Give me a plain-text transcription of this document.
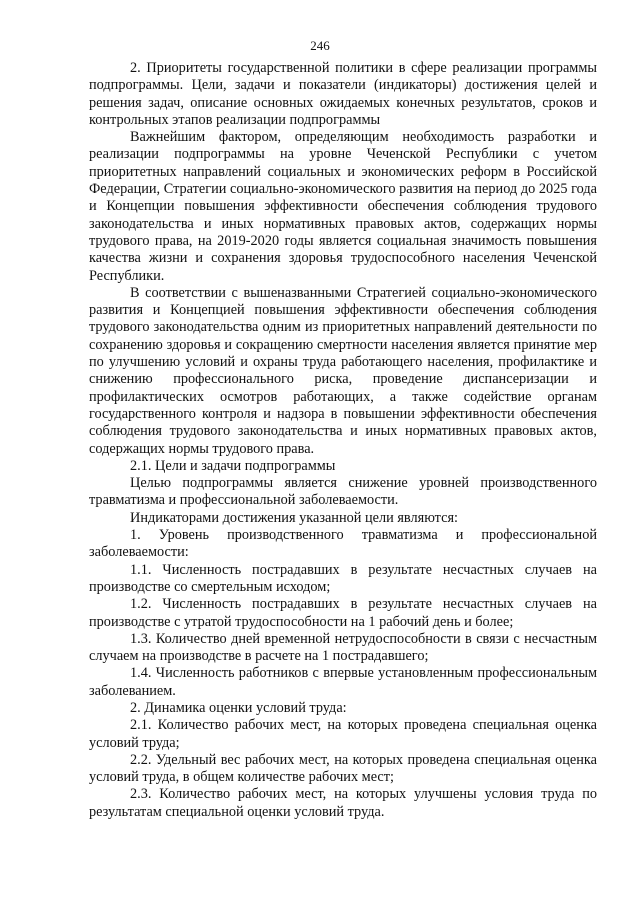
246

2. Приоритеты государственной политики в сфере реализации программы подпрограммы. Цели, задачи и показатели (индикаторы) достижения целей и решения задач, описание основных ожидаемых конечных результатов, сроков и контрольных этапов реализации подпрограммы

Важнейшим фактором, определяющим необходимость разработки и реализации подпрограммы на уровне Чеченской Республики с учетом приоритетных направлений социальных и экономических реформ в Российской Федерации, Стратегии социально-экономического развития на период до 2025 года и Концепции повышения эффективности обеспечения соблюдения трудового законодательства и иных нормативных правовых актов, содержащих нормы трудового права, на 2019-2020 годы является социальная значимость повышения качества жизни и сохранения здоровья трудоспособного населения Чеченской Республики.

В соответствии с вышеназванными Стратегией социально-экономического развития и Концепцией повышения эффективности обеспечения соблюдения трудового законодательства одним из приоритетных направлений деятельности по сохранению здоровья и сокращению смертности населения является принятие мер по улучшению условий и охраны труда работающего населения, профилактике и снижению профессионального риска, проведение диспансеризации и профилактических осмотров работающих, а также содействие органам государственного контроля и надзора в повышении эффективности обеспечения соблюдения трудового законодательства и иных нормативных правовых актов, содержащих нормы трудового права.

2.1. Цели и задачи подпрограммы

Целью подпрограммы является снижение уровней производственного травматизма и профессиональной заболеваемости.

Индикаторами достижения указанной цели являются:

1. Уровень производственного травматизма и профессиональной заболеваемости:

1.1. Численность пострадавших в результате несчастных случаев на производстве со смертельным исходом;

1.2. Численность пострадавших в результате несчастных случаев на производстве с утратой трудоспособности на 1 рабочий день и более;

1.3. Количество дней временной нетрудоспособности в связи с несчастным случаем на производстве в расчете на 1 пострадавшего;

1.4. Численность работников с впервые установленным профессиональным заболеванием.

2. Динамика оценки условий труда:

2.1. Количество рабочих мест, на которых проведена специальная оценка условий труда;

2.2. Удельный вес рабочих мест, на которых проведена специальная оценка условий труда, в общем количестве рабочих мест;

2.3. Количество рабочих мест, на которых улучшены условия труда по результатам специальной оценки условий труда.
